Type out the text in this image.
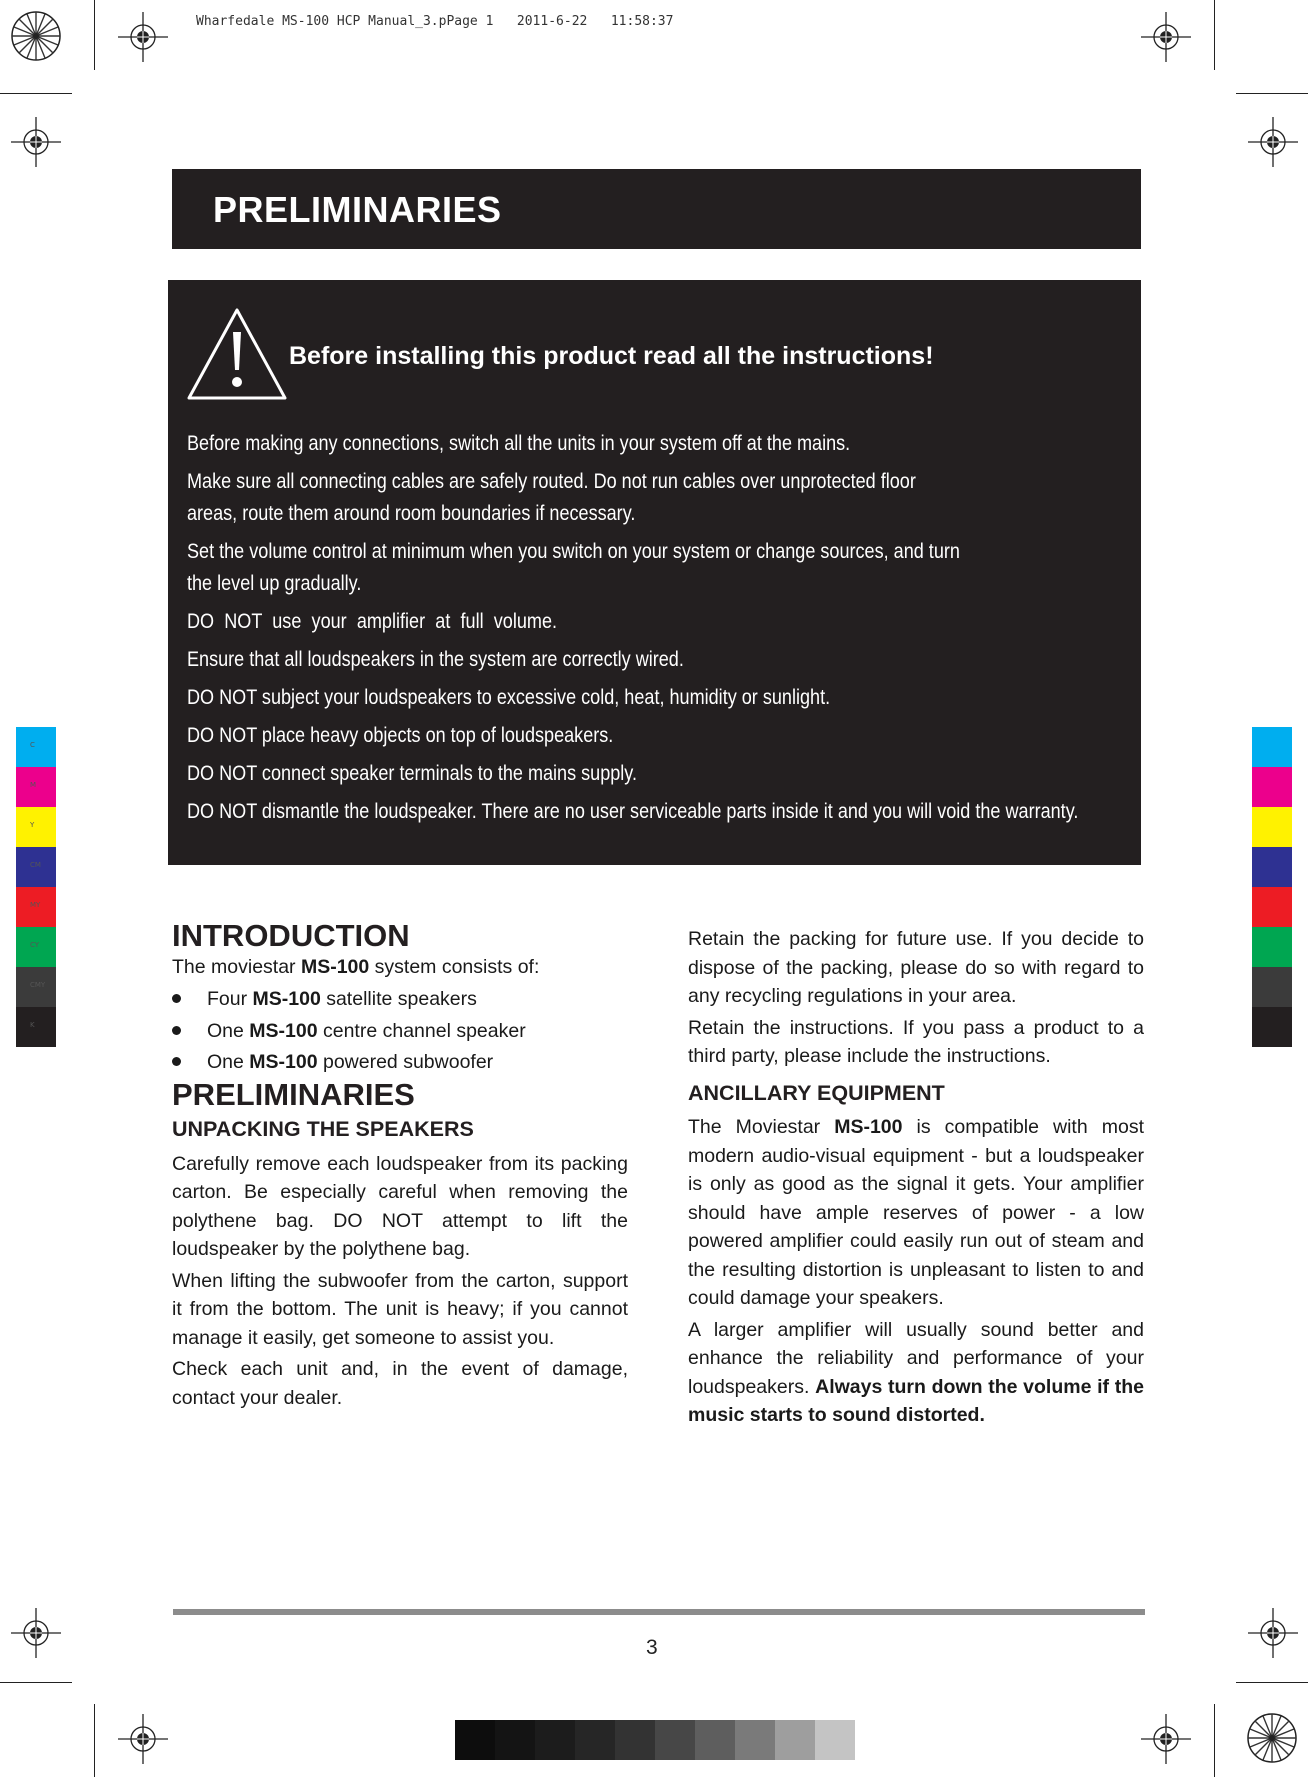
Wharfedale MS-100 HCP Manual_3.pPage 1 2011-6-22 11:58:37
C
M
Y
CM
MY
CY
CMY
K
PRELIMINARIES
Before installing this product read all the instructions!
Before making any connections, switch all the units in your system off at the mains.
Make sure all connecting cables are safely routed. Do not run cables over unprotected floor areas, route them around room boundaries if necessary.
Set the volume control at minimum when you switch on your system or change sources, and turn the level up gradually.
DO NOT use your amplifier at full volume.
Ensure that all loudspeakers in the system are correctly wired.
DO NOT subject your loudspeakers to excessive cold, heat, humidity or sunlight.
DO NOT place heavy objects on top of loudspeakers.
DO NOT connect speaker terminals to the mains supply.
DO NOT dismantle the loudspeaker. There are no user serviceable parts inside it and you will void the warranty.
INTRODUCTION

The moviestar MS-100 system consists of:

Four MS-100 satellite speakers
One MS-100 centre channel speaker
One MS-100 powered subwoofer
PRELIMINARIES
UNPACKING THE SPEAKERS

Carefully remove each loudspeaker from its packing carton. Be especially careful when removing the polythene bag. DO NOT attempt to lift the loudspeaker by the polythene bag.

When lifting the subwoofer from the carton, support it from the bottom. The unit is heavy; if you cannot manage it easily, get someone to assist you.

Check each unit and, in the event of damage, contact your dealer.

Retain the packing for future use. If you decide to dispose of the packing, please do so with regard to any recycling regulations in your area.

Retain the instructions. If you pass a product to a third party, please include the instructions.

ANCILLARY EQUIPMENT

The Moviestar MS-100 is compatible with most modern audio-visual equipment - but a loudspeaker is only as good as the signal it gets. Your amplifier should have ample reserves of power - a low powered amplifier could easily run out of steam and the resulting distortion is unpleasant to listen to and could damage your speakers.

A larger amplifier will usually sound better and enhance the reliability and performance of your loudspeakers. Always turn down the volume if the music starts to sound distorted.

3
